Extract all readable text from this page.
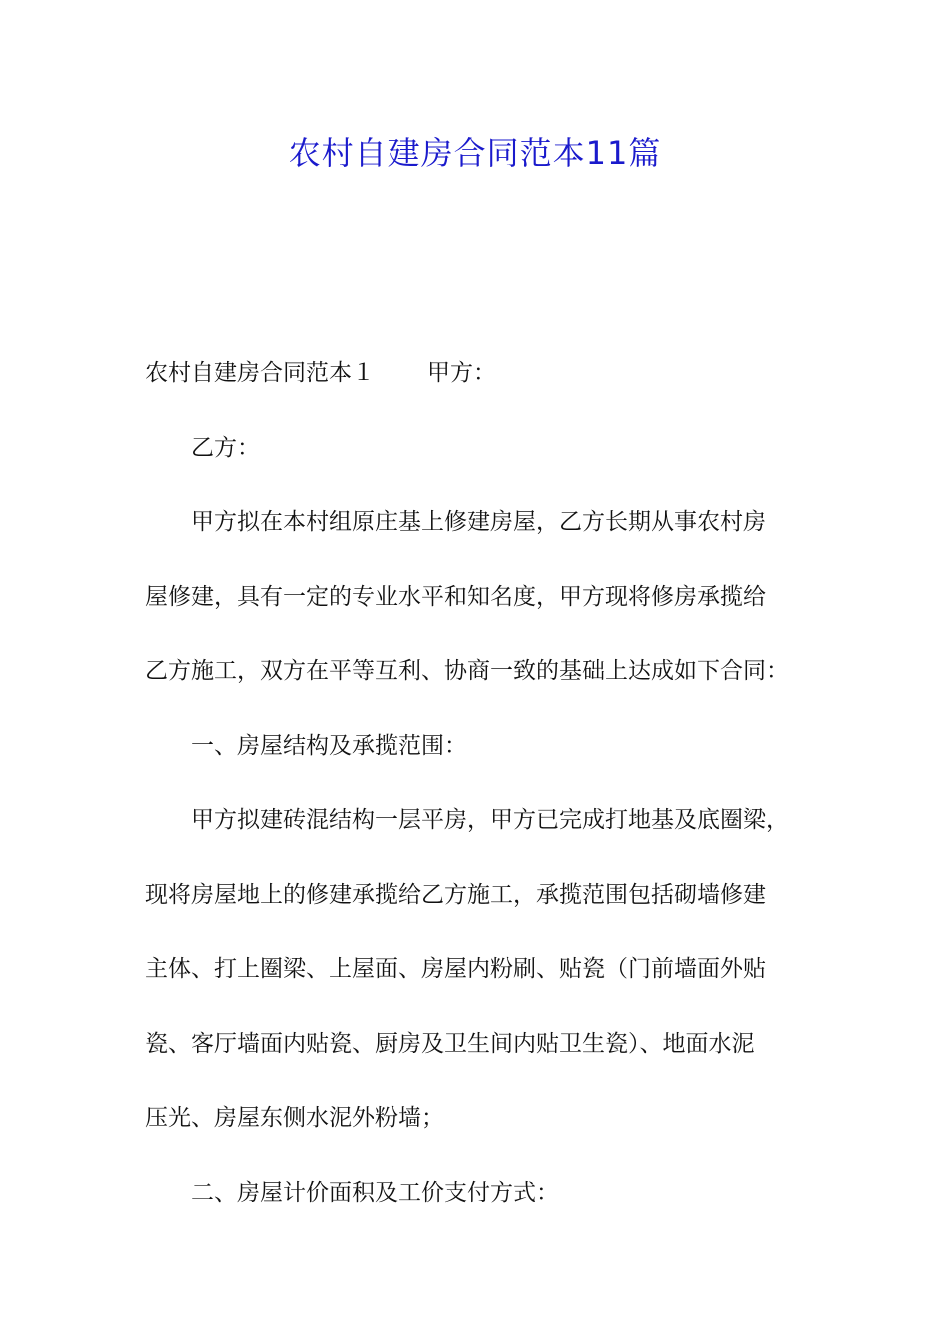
农村自建房合同范本11篇

农村自建房合同范本１ 甲方：

乙方：

甲方拟在本村组原庄基上修建房屋，乙方长期从事农村房

屋修建，具有一定的专业水平和知名度，甲方现将修房承揽给

乙方施工，双方在平等互利、协商一致的基础上达成如下合同：

一、房屋结构及承揽范围：

甲方拟建砖混结构一层平房，甲方已完成打地基及底圈梁，

现将房屋地上的修建承揽给乙方施工，承揽范围包括砌墙修建

主体、打上圈梁、上屋面、房屋内粉刷、贴瓷（门前墙面外贴

瓷、客厅墙面内贴瓷、厨房及卫生间内贴卫生瓷）、地面水泥

压光、房屋东侧水泥外粉墙；

二、房屋计价面积及工价支付方式：
